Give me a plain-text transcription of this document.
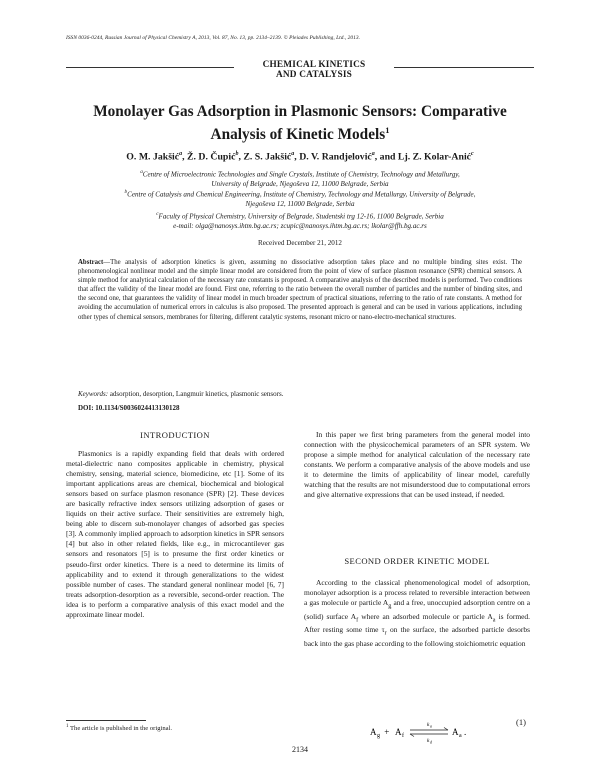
ISSN 0036-0244, Russian Journal of Physical Chemistry A, 2013, Vol. 87, No. 13, pp. 2134–2139. © Pleiades Publishing, Ltd., 2013.
CHEMICAL KINETICS
AND CATALYSIS
Monolayer Gas Adsorption in Plasmonic Sensors: Comparative
Analysis of Kinetic Models$^1$
O. M. Jakšić$^a$, Ž. D. Čupić$^b$, Z. S. Jakšić$^a$, D. V. Randjelović$^a$, and Lj. Z. Kolar-Anić$^c$
$^a$Centre of Microelectronic Technologies and Single Crystals, Institute of Chemistry, Technology and Metallurgy,
University of Belgrade, Njegoševa 12, 11000 Belgrade, Serbia
$^b$Centre of Catalysis and Chemical Engineering, Institute of Chemistry, Technology and Metallurgy, University of Belgrade,
Njegoševa 12, 11000 Belgrade, Serbia
$^c$Faculty of Physical Chemistry, University of Belgrade, Studentski trg 12-16, 11000 Belgrade, Serbia
e-mail: olga@nanosys.ihtm.bg.ac.rs; zcupic@nanosys.ihtm.bg.ac.rs; lkolar@ffh.bg.ac.rs
Received December 21, 2012
Abstract—The analysis of adsorption kinetics is given, assuming no dissociative adsorption takes place and no multiple binding sites exist. The phenomenological nonlinear model and the simple linear model are considered from the point of view of surface plasmon resonance (SPR) chemical sensors. A simple method for analytical calculation of the necessary rate constants is proposed. A comparative analysis of the described models is performed. Two conditions that affect the validity of the linear model are found. First one, referring to the ratio between the overall number of particles and the number of binding sites, and the second one, that guarantees the validity of linear model in much broader spectrum of practical situations, referring to the ratio of rate constants. A method for avoiding the accumulation of numerical errors in calculus is also proposed. The presented approach is general and can be used in various applications, including other types of chemical sensors, membranes for filtering, different catalytic systems, resonant micro or nano-electro-mechanical structures.
Keywords: adsorption, desorption, Langmuir kinetics, plasmonic sensors.
DOI: 10.1134/S0036024413130128
INTRODUCTION

Plasmonics is a rapidly expanding field that deals with ordered metal-dielectric nano composites applicable in chemistry, physical chemistry, sensing, material science, biomedicine, etc [1]. Some of its important applications areas are chemical, biochemical and biological sensors based on surface plasmon resonance (SPR) [2]. These devices are basically refractive index sensors utilizing adsorption of gases or liquids on their active surface. Their sensitivities are extremely high, being able to discern sub-monolayer changes of adsorbed gas species [3]. A commonly implied approach to adsorption kinetics in SPR sensors [4] but also in other related fields, like e.g., in microcantilever gas sensors and resonators [5] is to presume the first order kinetics or pseudo-first order kinetics. There is a need to determine its limits of applicability and to extend it through generalizations to the widest possible number of cases. The standard general nonlinear model [6, 7] treats adsorption-desorption as a reversible, second-order reaction. The idea is to perform a comparative analysis of this exact model and the approximate linear model.

In this paper we first bring parameters from the general model into connection with the physicochemical parameters of an SPR system. We propose a simple method for analytical calculation of the necessary rate constants. We perform a comparative analysis of the above models and use it to determine the limits of applicability of linear model, carefully watching that the results are not misunderstood due to computational errors and give alternative expressions that can be used instead, if needed.

SECOND ORDER KINETIC MODEL

According to the classical phenomenological model of adsorption, monolayer adsorption is a process related to reversible interaction between a gas molecule or particle $A_g$ and a free, unoccupied adsorption centre on a (solid) surface $A_f$ where an adsorbed molecule or particle $A_a$ is formed. After resting some time $\tau_r$ on the surface, the adsorbed particle desorbs back into the gas phase according to the following stoichiometric equation

A g + A f
k a
k d
A a .
(1)
$^1$ The article is published in the original.
2134
